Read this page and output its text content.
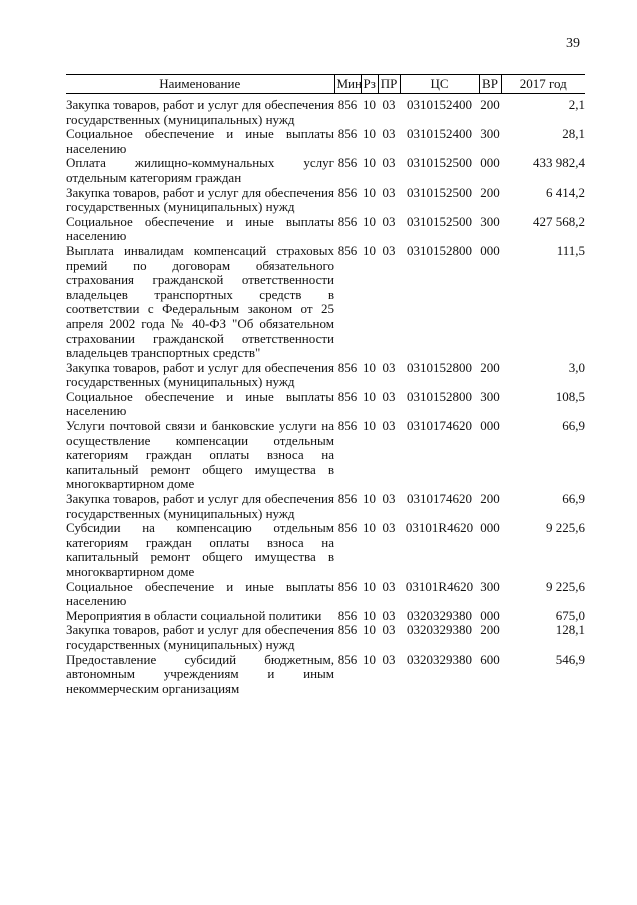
39
Наименование	Мин	Рз	ПР	ЦС	ВР	2017 год
Закупка товаров, работ и услуг для обеспечения государственных (муниципальных) нужд	856	10	03	0310152400	200	2,1
Социальное обеспечение и иные выплаты населению	856	10	03	0310152400	300	28,1
Оплата жилищно-коммунальных услуг отдельным категориям граждан	856	10	03	0310152500	000	433 982,4
Закупка товаров, работ и услуг для обеспечения государственных (муниципальных) нужд	856	10	03	0310152500	200	6 414,2
Социальное обеспечение и иные выплаты населению	856	10	03	0310152500	300	427 568,2
Выплата инвалидам компенсаций страховых премий по договорам обязательного страхования гражданской ответственности владельцев транспортных средств в соответствии с Федеральным законом от 25 апреля 2002 года № 40-ФЗ "Об обязательном страховании гражданской ответственности владельцев транспортных средств"	856	10	03	0310152800	000	111,5
Закупка товаров, работ и услуг для обеспечения государственных (муниципальных) нужд	856	10	03	0310152800	200	3,0
Социальное обеспечение и иные выплаты населению	856	10	03	0310152800	300	108,5
Услуги почтовой связи и банковские услуги на осуществление компенсации отдельным категориям граждан оплаты взноса на капитальный ремонт общего имущества в многоквартирном доме	856	10	03	0310174620	000	66,9
Закупка товаров, работ и услуг для обеспечения государственных (муниципальных) нужд	856	10	03	0310174620	200	66,9
Субсидии на компенсацию отдельным категориям граждан оплаты взноса на капитальный ремонт общего имущества в многоквартирном доме	856	10	03	03101R4620	000	9 225,6
Социальное обеспечение и иные выплаты населению	856	10	03	03101R4620	300	9 225,6
Мероприятия в области социальной политики	856	10	03	0320329380	000	675,0
Закупка товаров, работ и услуг для обеспечения государственных (муниципальных) нужд	856	10	03	0320329380	200	128,1
Предоставление субсидий бюджетным, автономным учреждениям и иным некоммерческим организациям	856	10	03	0320329380	600	546,9
